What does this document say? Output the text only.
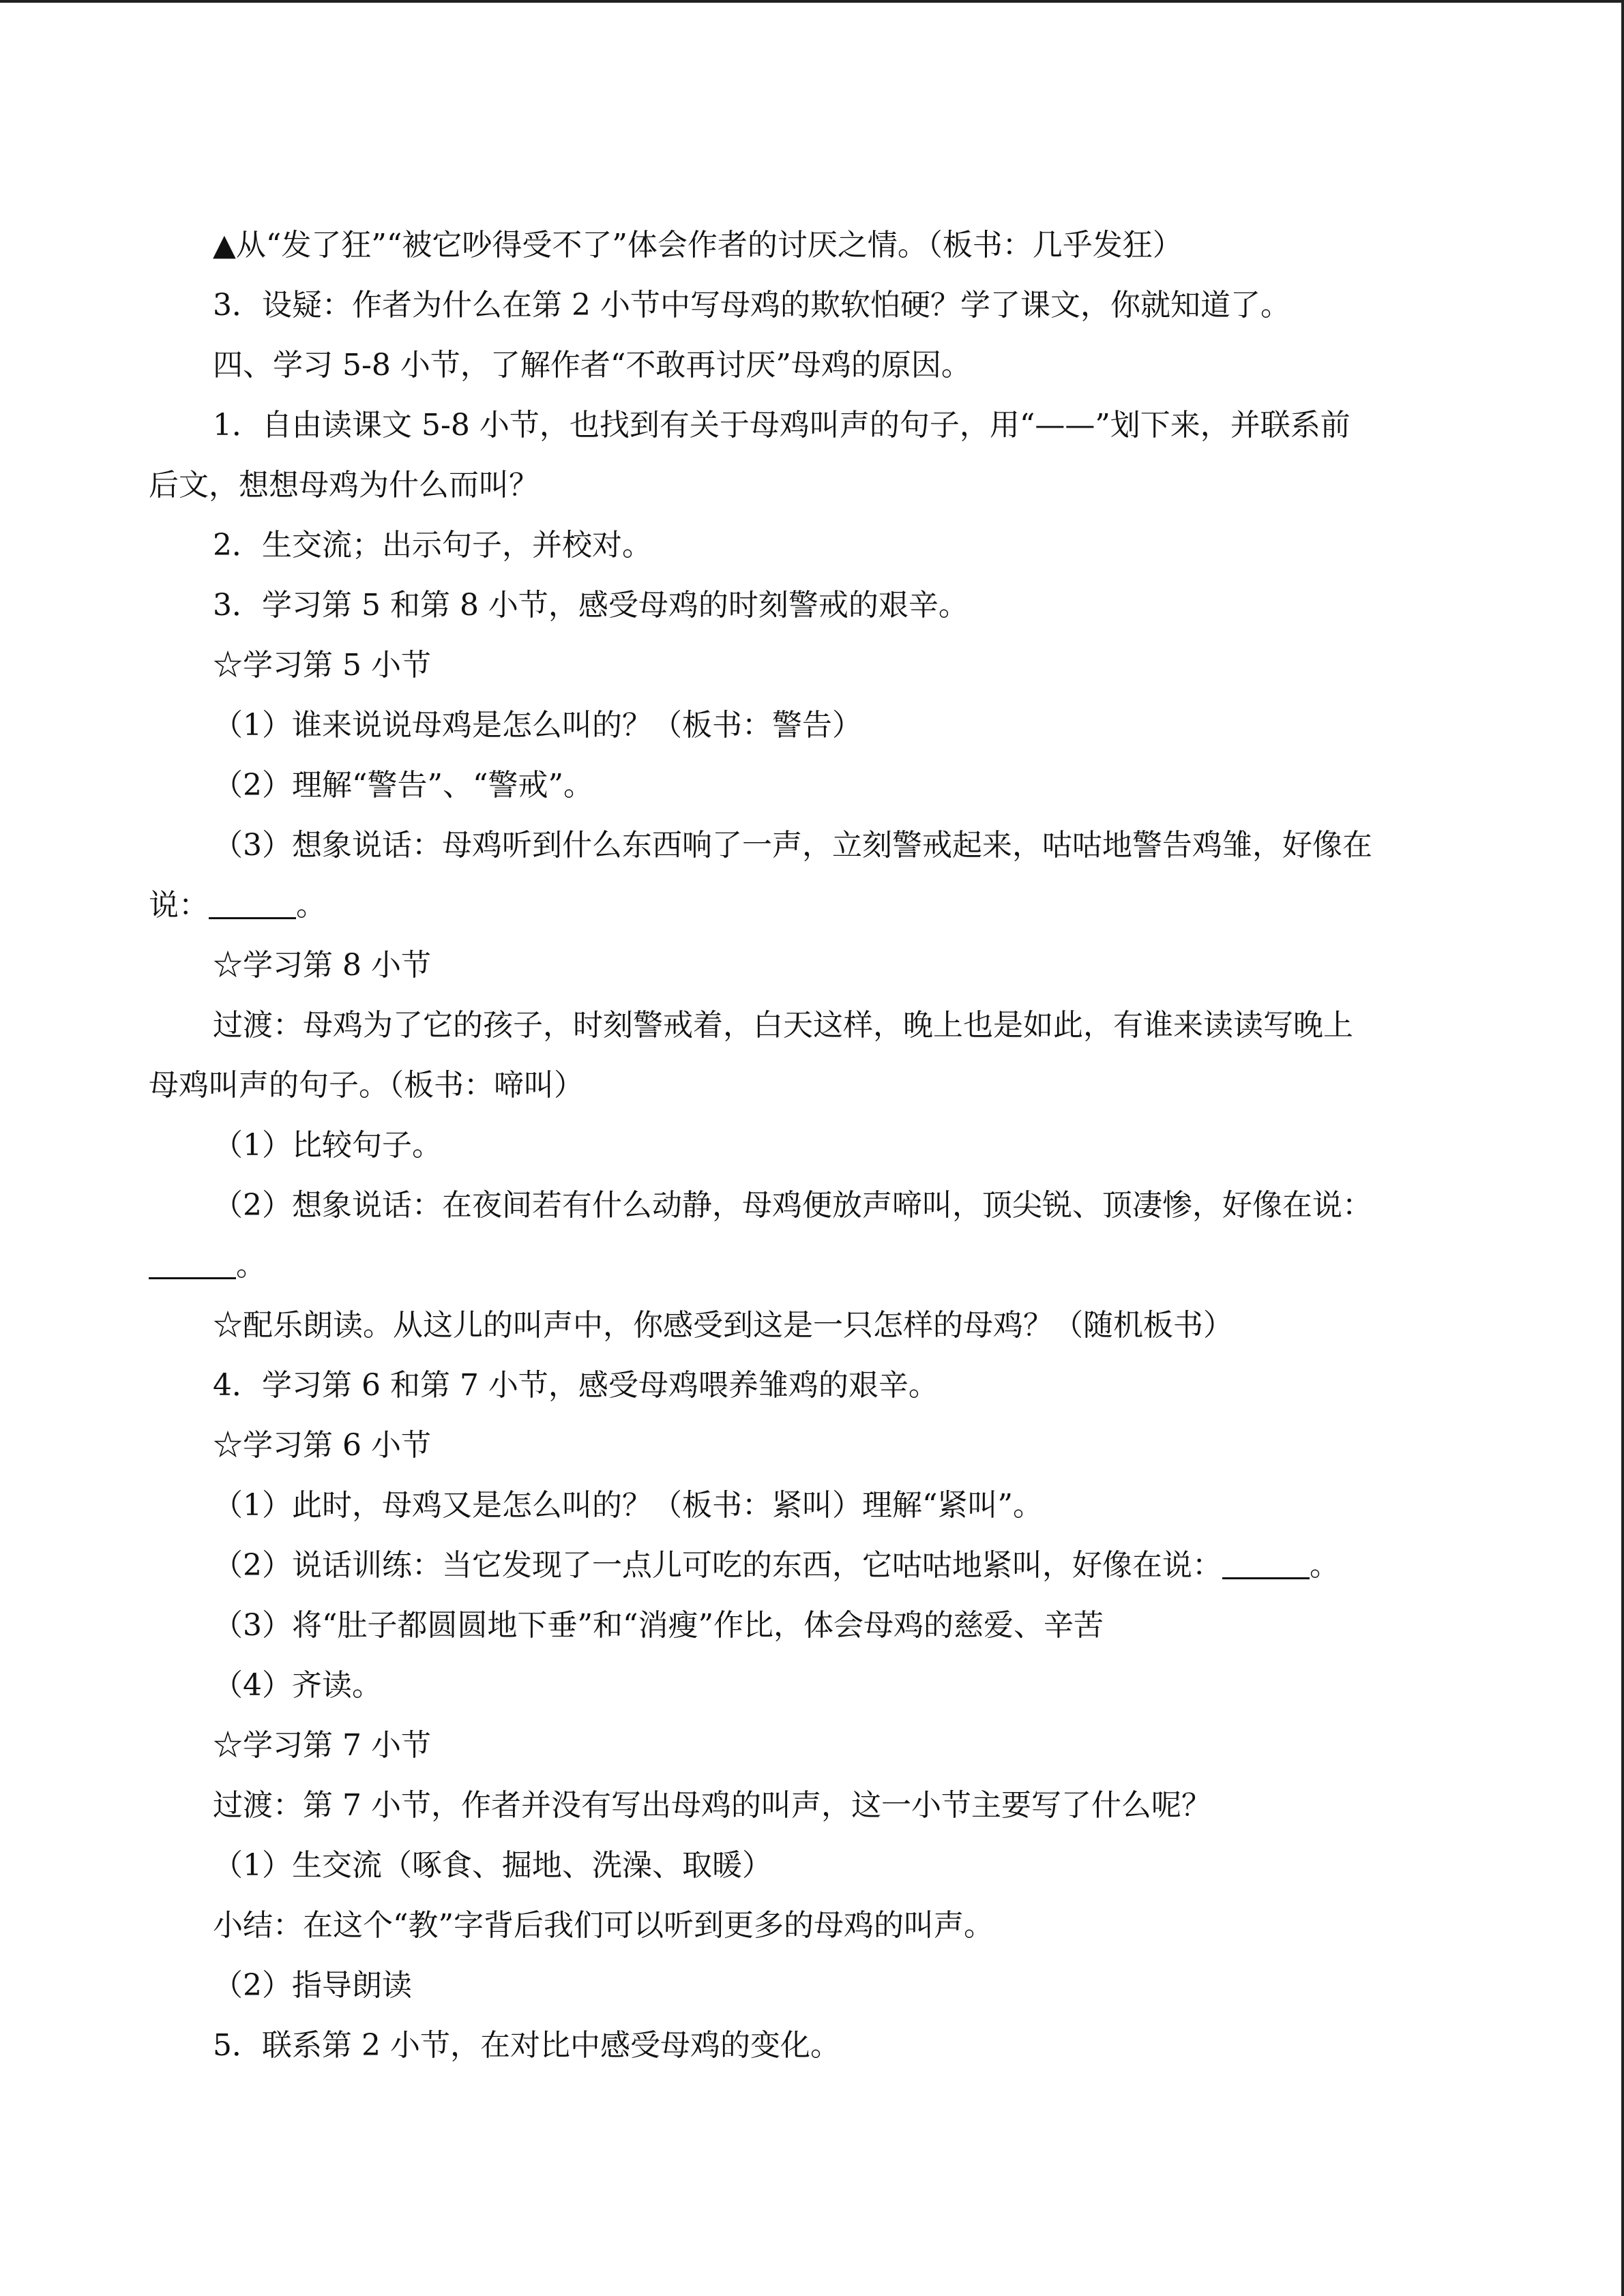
▲从“发了狂”“被它吵得受不了”体会作者的讨厌之情。（板书：几乎发狂）
3．设疑：作者为什么在第 2 小节中写母鸡的欺软怕硬？学了课文，你就知道了。
四、学习 5-8 小节，了解作者“不敢再讨厌”母鸡的原因。
1．自由读课文 5-8 小节，也找到有关于母鸡叫声的句子，用“——”划下来，并联系前
后文，想想母鸡为什么而叫？
2．生交流；出示句子，并校对。
3．学习第 5 和第 8 小节，感受母鸡的时刻警戒的艰辛。
☆学习第 5 小节
（1）谁来说说母鸡是怎么叫的？（板书：警告）
（2）理解“警告”、“警戒”。
（3）想象说话：母鸡听到什么东西响了一声，立刻警戒起来，咕咕地警告鸡雏，好像在
说：	。
☆学习第 8 小节
过渡：母鸡为了它的孩子，时刻警戒着，白天这样，晚上也是如此，有谁来读读写晚上
母鸡叫声的句子。（板书：啼叫）
（1）比较句子。
（2）想象说话：在夜间若有什么动静，母鸡便放声啼叫，顶尖锐、顶凄惨，好像在说：
。
☆配乐朗读。从这儿的叫声中，你感受到这是一只怎样的母鸡？（随机板书）
4．学习第 6 和第 7 小节，感受母鸡喂养雏鸡的艰辛。
☆学习第 6 小节
（1）此时，母鸡又是怎么叫的？（板书：紧叫）理解“紧叫”。
（2）说话训练：当它发现了一点儿可吃的东西，它咕咕地紧叫，好像在说：	。
（3）将“肚子都圆圆地下垂”和“消瘦”作比，体会母鸡的慈爱、辛苦
（4）齐读。
☆学习第 7 小节
过渡：第 7 小节，作者并没有写出母鸡的叫声，这一小节主要写了什么呢？
（1）生交流（啄食、掘地、洗澡、取暖）
小结：在这个“教”字背后我们可以听到更多的母鸡的叫声。
（2）指导朗读
5．联系第 2 小节，在对比中感受母鸡的变化。
